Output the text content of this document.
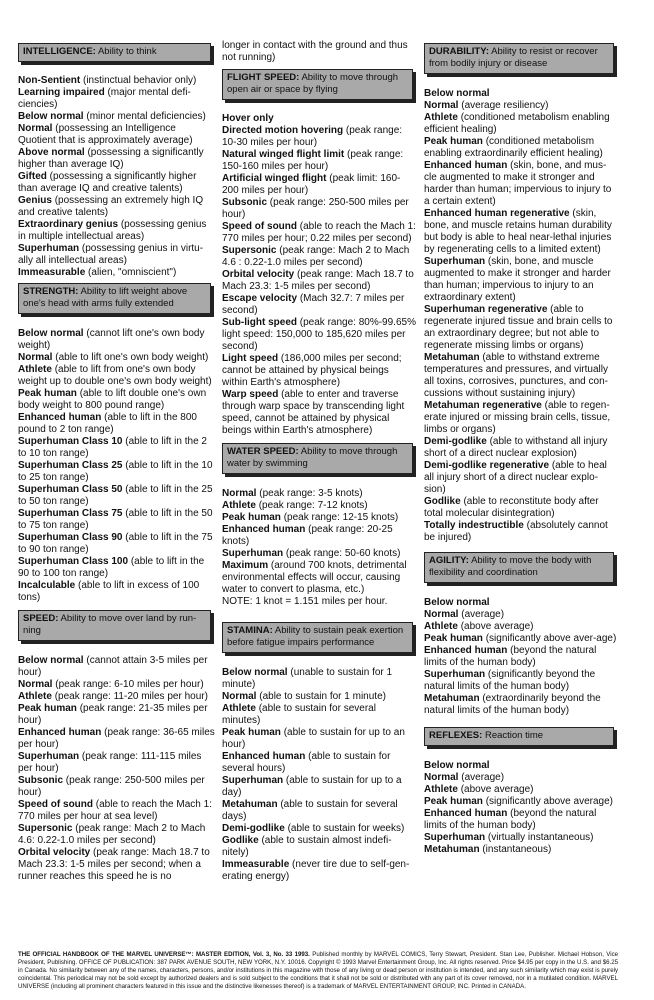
INTELLIGENCE: Ability to think

Non-Sentient (instinctual behavior only)

Learning impaired (major mental defi-ciencies)

Below normal (minor mental deficiencies)

Normal (possessing an Intelligence Quotient that is approximately average)

Above normal (possessing a significantly higher than average IQ)

Gifted (possessing a significantly higher than average IQ and creative talents)

Genius (possessing an extremely high IQ and creative talents)

Extraordinary genius (possessing genius in multiple intellectual areas)

Superhuman (possessing genius in virtu-ally all intellectual areas)

Immeasurable (alien, "omniscient")

STRENGTH: Ability to lift weight above one's head with arms fully extended

Below normal (cannot lift one's own body weight)

Normal (able to lift one's own body weight)

Athlete (able to lift from one's own body weight up to double one's own body weight)

Peak human (able to lift double one's own body weight to 800 pound range)

Enhanced human (able to lift in the 800 pound to 2 ton range)

Superhuman Class 10 (able to lift in the 2 to 10 ton range)

Superhuman Class 25 (able to lift in the 10 to 25 ton range)

Superhuman Class 50 (able to lift in the 25 to 50 ton range)

Superhuman Class 75 (able to lift in the 50 to 75 ton range)

Superhuman Class 90 (able to lift in the 75 to 90 ton range)

Superhuman Class 100 (able to lift in the 90 to 100 ton range)

Incalculable (able to lift in excess of 100 tons)

SPEED: Ability to move over land by run-ning

Below normal (cannot attain 3-5 miles per hour)

Normal (peak range: 6-10 miles per hour)

Athlete (peak range: 11-20 miles per hour)

Peak human (peak range: 21-35 miles per hour)

Enhanced human (peak range: 36-65 miles per hour)

Superhuman (peak range: 111-115 miles per hour)

Subsonic (peak range: 250-500 miles per hour)

Speed of sound (able to reach the Mach 1: 770 miles per hour at sea level)

Supersonic (peak range: Mach 2 to Mach 4.6: 0.22-1.0 miles per second)

Orbital velocity (peak range: Mach 18.7 to Mach 23.3: 1-5 miles per second; when a runner reaches this speed he is no

longer in contact with the ground and thus not running)

FLIGHT SPEED: Ability to move through open air or space by flying

Hover only

Directed motion hovering (peak range: 10-30 miles per hour)

Natural winged flight limit (peak range: 150-160 miles per hour)

Artificial winged flight (peak limit: 160-200 miles per hour)

Subsonic (peak range: 250-500 miles per hour)

Speed of sound (able to reach the Mach 1: 770 miles per hour; 0.22 miles per second)

Supersonic (peak range: Mach 2 to Mach 4.6 : 0.22-1.0 miles per second)

Orbital velocity (peak range: Mach 18.7 to Mach 23.3: 1-5 miles per second)

Escape velocity (Mach 32.7: 7 miles per second)

Sub-light speed (peak range: 80%-99.65% light speed: 150,000 to 185,620 miles per second)

Light speed (186,000 miles per second; cannot be attained by physical beings within Earth's atmosphere)

Warp speed (able to enter and traverse through warp space by transcending light speed, cannot be attained by physical beings within Earth's atmosphere)

WATER SPEED: Ability to move through water by swimming

Normal (peak range: 3-5 knots)

Athlete (peak range: 7-12 knots)

Peak human (peak range: 12-15 knots)

Enhanced human (peak range: 20-25 knots)

Superhuman (peak range: 50-60 knots)

Maximum (around 700 knots, detrimental environmental effects will occur, causing water to convert to plasma, etc.)

NOTE: 1 knot = 1.151 miles per hour.

STAMINA: Ability to sustain peak exertion before fatigue impairs performance

Below normal (unable to sustain for 1 minute)

Normal (able to sustain for 1 minute)

Athlete (able to sustain for several minutes)

Peak human (able to sustain for up to an hour)

Enhanced human (able to sustain for several hours)

Superhuman (able to sustain for up to a day)

Metahuman (able to sustain for several days)

Demi-godlike (able to sustain for weeks)

Godlike (able to sustain almost indefi-nitely)

Immeasurable (never tire due to self-gen-erating energy)

DURABILITY: Ability to resist or recover from bodily injury or disease

Below normal

Normal (average resiliency)

Athlete (conditioned metabolism enabling efficient healing)

Peak human (conditioned metabolism enabling extraordinarily efficient healing)

Enhanced human (skin, bone, and mus-cle augmented to make it stronger and harder than human; impervious to injury to a certain extent)

Enhanced human regenerative (skin, bone, and muscle retains human durability but body is able to heal near-lethal injuries by regenerating cells to a limited extent)

Superhuman (skin, bone, and muscle augmented to make it stronger and harder than human; impervious to injury to an extraordinary extent)

Superhuman regenerative (able to regenerate injured tissue and brain cells to an extraordinary degree; but not able to regenerate missing limbs or organs)

Metahuman (able to withstand extreme temperatures and pressures, and virtually all toxins, corrosives, punctures, and con-cussions without sustaining injury)

Metahuman regenerative (able to regen-erate injured or missing brain cells, tissue, limbs or organs)

Demi-godlike (able to withstand all injury short of a direct nuclear explosion)

Demi-godlike regenerative (able to heal all injury short of a direct nuclear explo-sion)

Godlike (able to reconstitute body after total molecular disintegration)

Totally indestructible (absolutely cannot be injured)

AGILITY: Ability to move the body with flexibility and coordination

Below normal

Normal (average)

Athlete (above average)

Peak human (significantly above aver-age)

Enhanced human (beyond the natural limits of the human body)

Superhuman (significantly beyond the natural limits of the human body)

Metahuman (extraordinarily beyond the natural limits of the human body)

REFLEXES: Reaction time

Below normal

Normal (average)

Athlete (above average)

Peak human (significantly above average)

Enhanced human (beyond the natural limits of the human body)

Superhuman (virtually instantaneous)

Metahuman (instantaneous)

THE OFFICIAL HANDBOOK OF THE MARVEL UNIVERSE™: MASTER EDITION, Vol. 3, No. 33 1993. Published monthly by MARVEL COMICS, Terry Stewart, President. Stan Lee, Publisher. Michael Hobson, Vice President, Publishing. OFFICE OF PUBLICATION: 387 PARK AVENUE SOUTH, NEW YORK, N.Y. 10016. Copyright © 1993 Marvel Entertainment Group, Inc. All rights reserved. Price $4.95 per copy in the U.S. and $6.25 in Canada. No similarity between any of the names, characters, persons, and/or institutions in this magazine with those of any living or dead person or institution is intended, and any such similarity which may exist is purely coincidental. This periodical may not be sold except by authorized dealers and is sold subject to the conditions that it shall not be sold or distributed with any part of its cover removed, nor in a mutilated condition. MARVEL UNIVERSE (including all prominent characters featured in this issue and the distinctive likenesses thereof) is a trademark of MARVEL ENTERTAINMENT GROUP, INC. Printed in CANADA.
